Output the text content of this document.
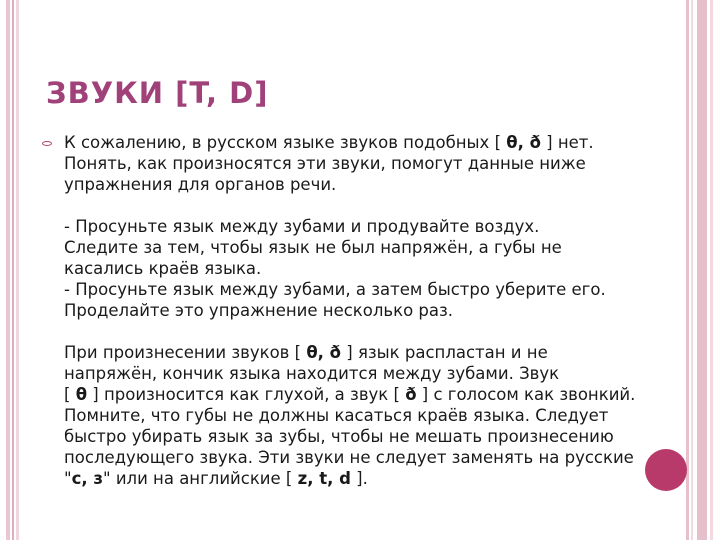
ЗВУКИ [T, D]
К сожалению, в русском языке звуков подобных [ θ, ð ] нет.
Понять, как произносятся эти звуки, помогут данные ниже упражнения для органов речи.

- Просуньте язык между зубами и продувайте воздух.
Следите за тем, чтобы язык не был напряжён, а губы не касались краёв языка.
- Просуньте язык между зубами, а затем быстро уберите его. Проделайте это упражнение несколько раз.

При произнесении звуков [ θ, ð ] язык распластан и не напряжён, кончик языка находится между зубами. Звук
[ θ ] произносится как глухой, а звук [ ð ] с голосом как звонкий. Помните, что губы не должны касаться краёв языка. Следует быстро убирать язык за зубы, чтобы не мешать произнесению последующего звука. Эти звуки не следует заменять на русские "с, з" или на английские [ z, t, d ].
